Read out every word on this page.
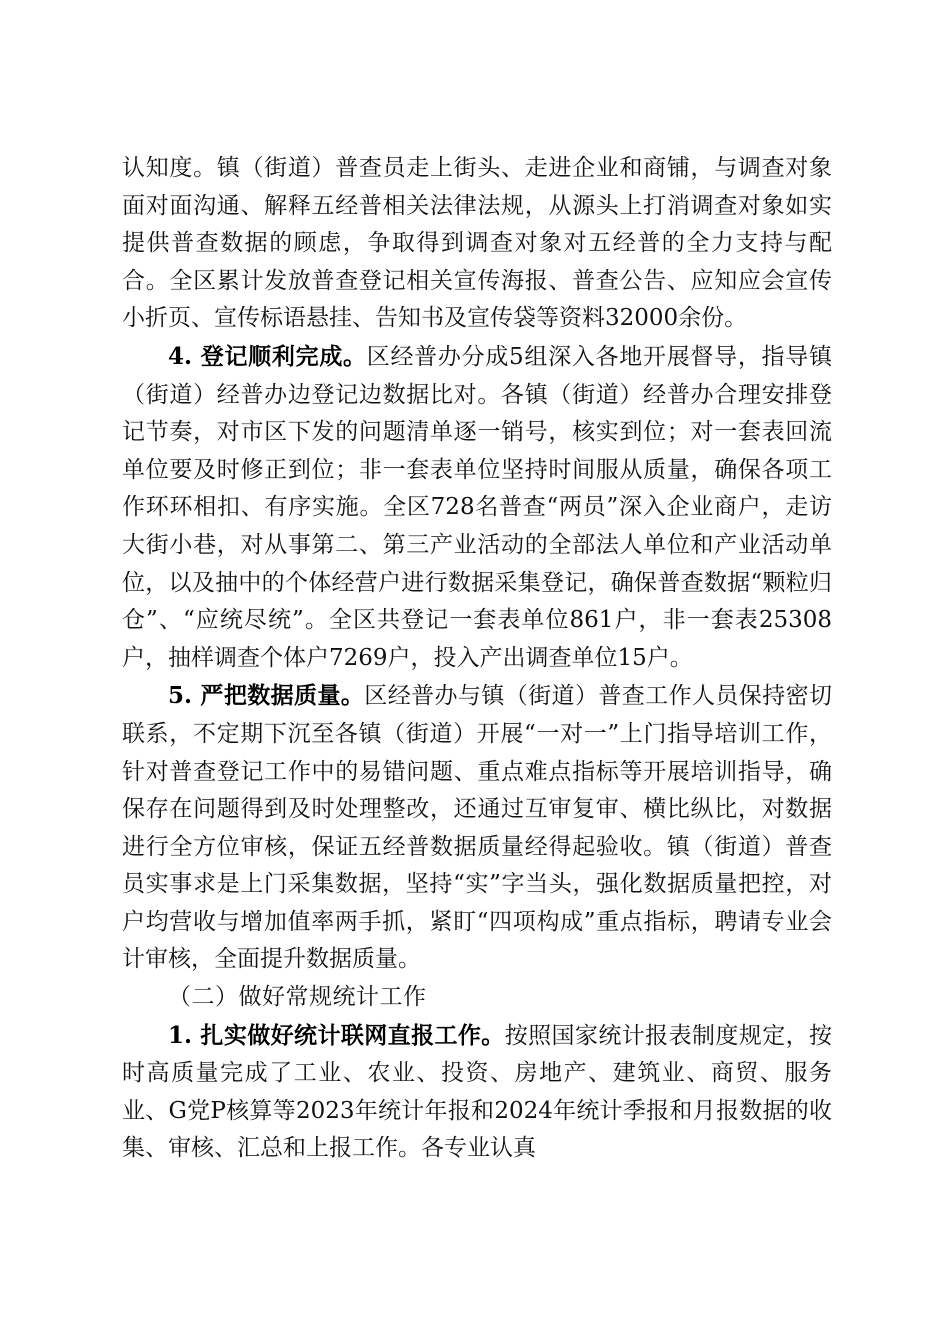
认知度。镇（街道）普查员走上街头、走进企业和商铺，与调查对象面对面沟通、解释五经普相关法律法规，从源头上打消调查对象如实提供普查数据的顾虑，争取得到调查对象对五经普的全力支持与配合。全区累计发放普查登记相关宣传海报、普查公告、应知应会宣传小折页、宣传标语悬挂、告知书及宣传袋等资料32000余份。

4. 登记顺利完成。区经普办分成5组深入各地开展督导，指导镇（街道）经普办边登记边数据比对。各镇（街道）经普办合理安排登记节奏，对市区下发的问题清单逐一销号，核实到位；对一套表回流单位要及时修正到位；非一套表单位坚持时间服从质量，确保各项工作环环相扣、有序实施。全区728名普查“两员”深入企业商户，走访大街小巷，对从事第二、第三产业活动的全部法人单位和产业活动单位，以及抽中的个体经营户进行数据采集登记，确保普查数据“颗粒归仓”、“应统尽统”。全区共登记一套表单位861户，非一套表25308户，抽样调查个体户7269户，投入产出调查单位15户。

5. 严把数据质量。区经普办与镇（街道）普查工作人员保持密切联系，不定期下沉至各镇（街道）开展“一对一”上门指导培训工作，针对普查登记工作中的易错问题、重点难点指标等开展培训指导，确保存在问题得到及时处理整改，还通过互审复审、横比纵比，对数据进行全方位审核，保证五经普数据质量经得起验收。镇（街道）普查员实事求是上门采集数据，坚持“实”字当头，强化数据质量把控，对户均营收与增加值率两手抓，紧盯“四项构成”重点指标，聘请专业会计审核，全面提升数据质量。

（二）做好常规统计工作

1. 扎实做好统计联网直报工作。按照国家统计报表制度规定，按时高质量完成了工业、农业、投资、房地产、建筑业、商贸、服务业、G党P核算等2023年统计年报和2024年统计季报和月报数据的收集、审核、汇总和上报工作。各专业认真
